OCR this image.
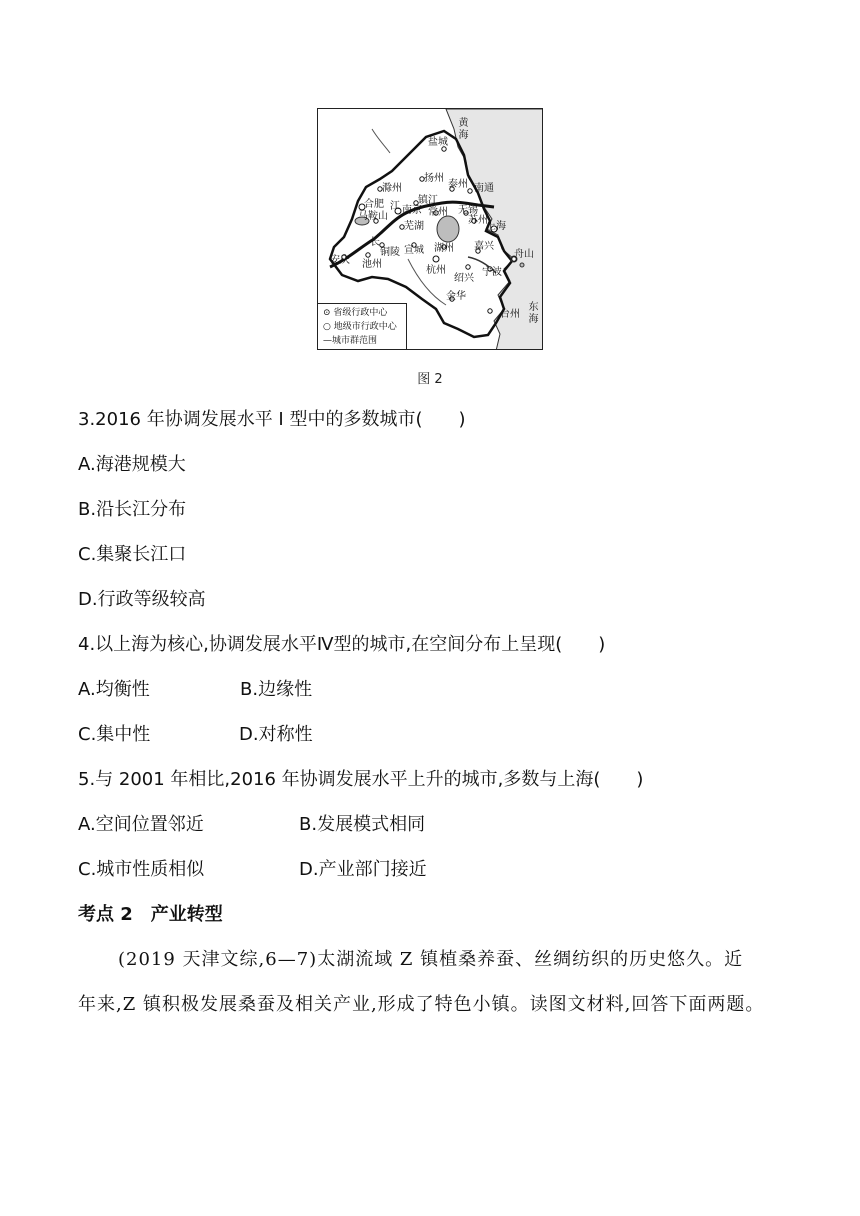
黄海
东海
盐城
扬州
泰州 南通
滁州
合肥
马鞍山
镇江
南京 常州 无锡
苏州
上海
芜湖
江
长
铜陵 宣城 湖州 嘉兴
杭州
绍兴
宁波
舟山
安庆 池州
金华
台州
⊙ 省级行政中心
○ 地级市行政中心
—城市群范围
图 2
3.2016 年协调发展水平 I 型中的多数城市(　　)
A.海港规模大
B.沿长江分布
C.集聚长江口
D.行政等级较高
4.以上海为核心,协调发展水平Ⅳ型的城市,在空间分布上呈现(　　)
A.均衡性	B.边缘性
C.集中性	D.对称性
5.与 2001 年相比,2016 年协调发展水平上升的城市,多数与上海(　　)
A.空间位置邻近	B.发展模式相同
C.城市性质相似	D.产业部门接近
考点 2　产业转型
(2019 天津文综,6—7)太湖流域 Z 镇植桑养蚕、丝绸纺织的历史悠久。近
年来,Z 镇积极发展桑蚕及相关产业,形成了特色小镇。读图文材料,回答下面两题。
